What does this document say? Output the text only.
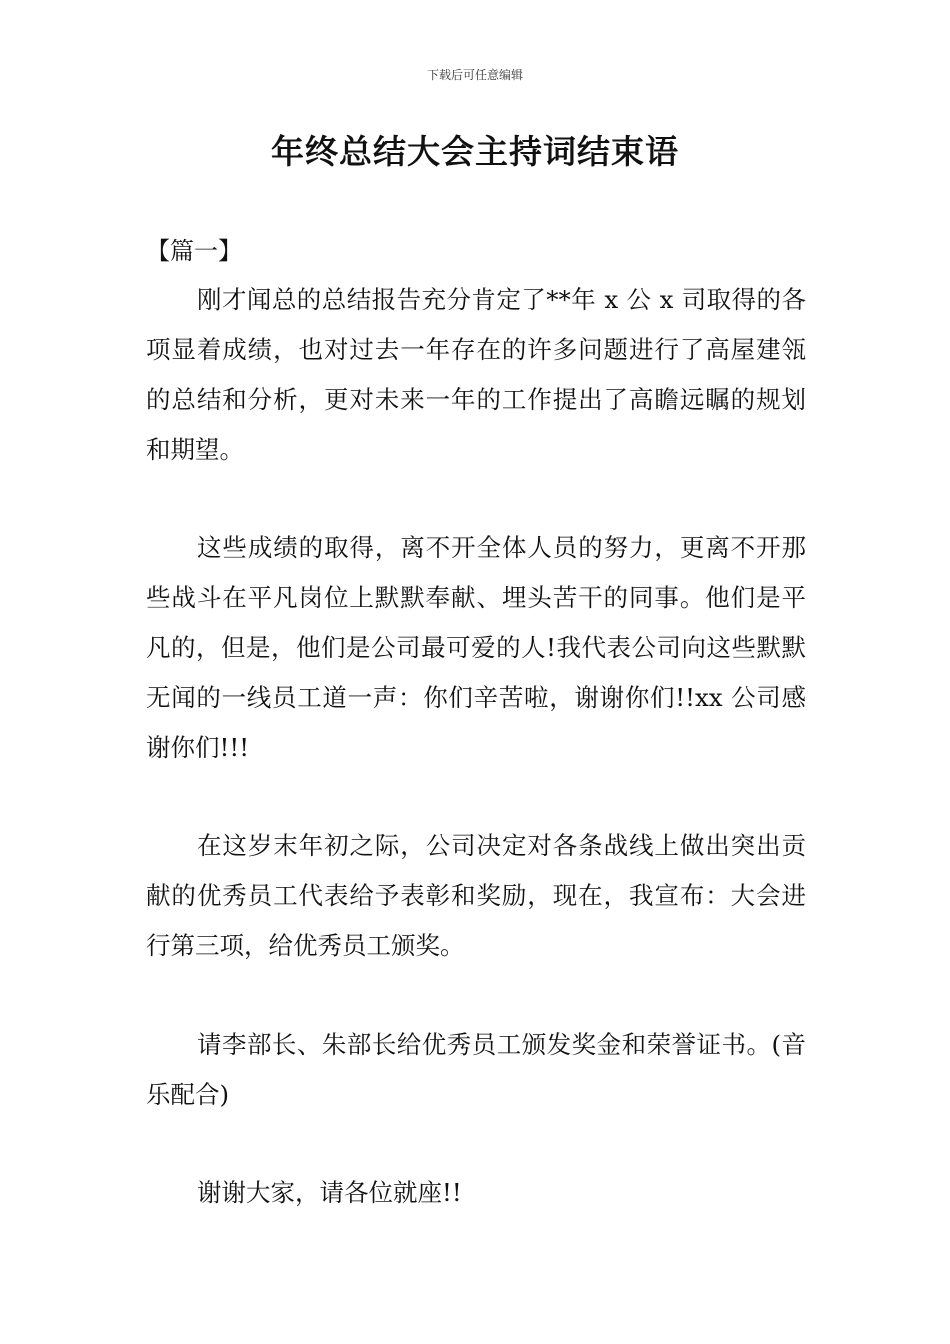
下载后可任意编辑
年终总结大会主持词结束语
【篇一】

刚才闻总的总结报告充分肯定了**年 x 公 x 司取得的各项显着成绩，也对过去一年存在的许多问题进行了高屋建瓴的总结和分析，更对未来一年的工作提出了高瞻远瞩的规划和期望。

这些成绩的取得，离不开全体人员的努力，更离不开那些战斗在平凡岗位上默默奉献、埋头苦干的同事。他们是平凡的，但是，他们是公司最可爱的人!我代表公司向这些默默无闻的一线员工道一声：你们辛苦啦，谢谢你们!!xx 公司感谢你们!!!

在这岁末年初之际，公司决定对各条战线上做出突出贡献的优秀员工代表给予表彰和奖励，现在，我宣布：大会进行第三项，给优秀员工颁奖。

请李部长、朱部长给优秀员工颁发奖金和荣誉证书。(音乐配合)

谢谢大家，请各位就座!!
